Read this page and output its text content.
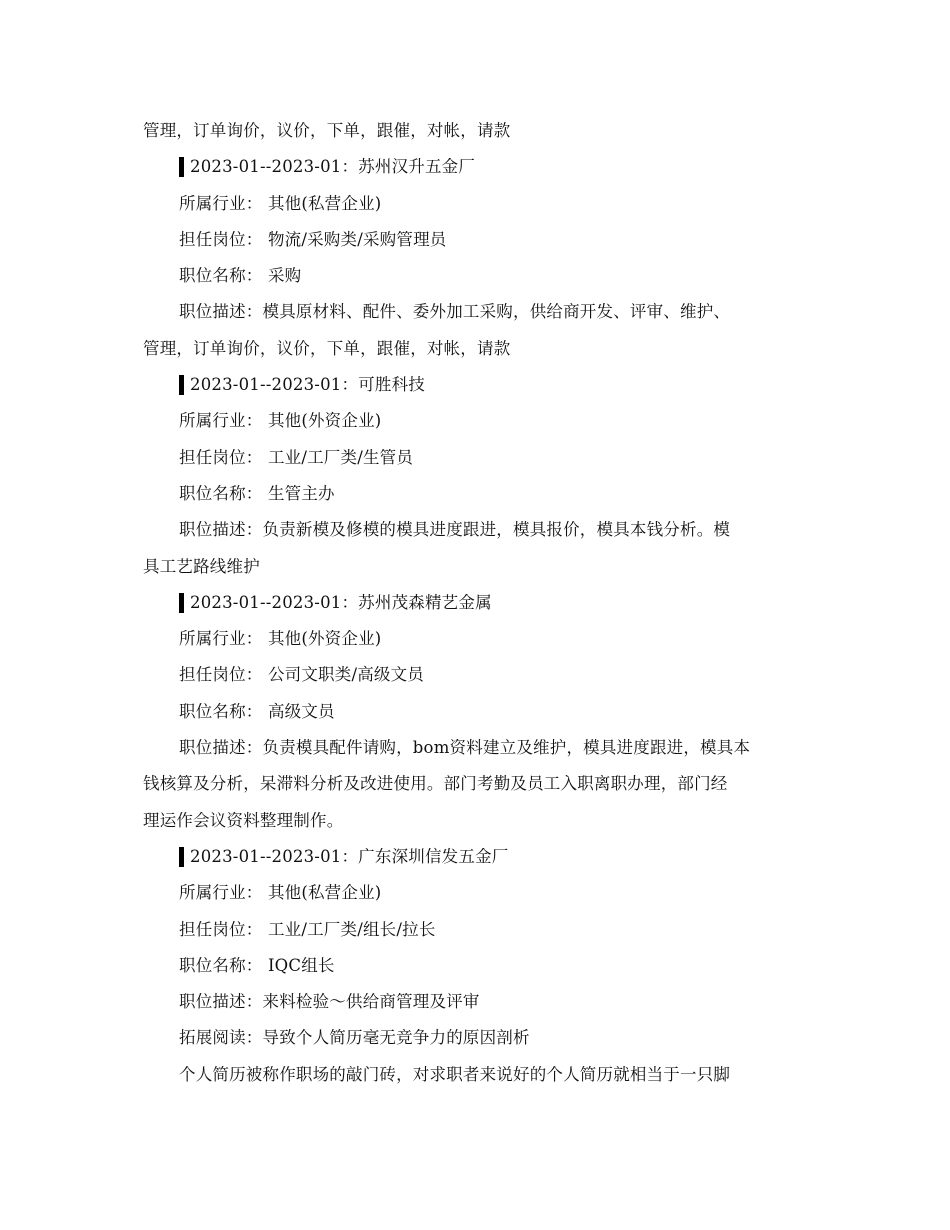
管理，订单询价，议价，下单，跟催，对帐，请款
2023-01--2023-01：苏州汉升五金厂
所属行业： 其他(私营企业)
担任岗位： 物流/采购类/采购管理员
职位名称： 采购
职位描述：模具原材料、配件、委外加工采购，供给商开发、评审、维护、
管理，订单询价，议价，下单，跟催，对帐，请款
2023-01--2023-01：可胜科技
所属行业： 其他(外资企业)
担任岗位： 工业/工厂类/生管员
职位名称： 生管主办
职位描述：负责新模及修模的模具进度跟进，模具报价，模具本钱分析。模
具工艺路线维护
2023-01--2023-01：苏州茂森精艺金属
所属行业： 其他(外资企业)
担任岗位： 公司文职类/高级文员
职位名称： 高级文员
职位描述：负责模具配件请购，bom资料建立及维护，模具进度跟进，模具本
钱核算及分析，呆滞料分析及改进使用。部门考勤及员工入职离职办理，部门经
理运作会议资料整理制作。
2023-01--2023-01：广东深圳信发五金厂
所属行业： 其他(私营企业)
担任岗位： 工业/工厂类/组长/拉长
职位名称： IQC组长
职位描述：来料检验～供给商管理及评审
拓展阅读：导致个人简历毫无竞争力的原因剖析
个人简历被称作职场的敲门砖，对求职者来说好的个人简历就相当于一只脚
